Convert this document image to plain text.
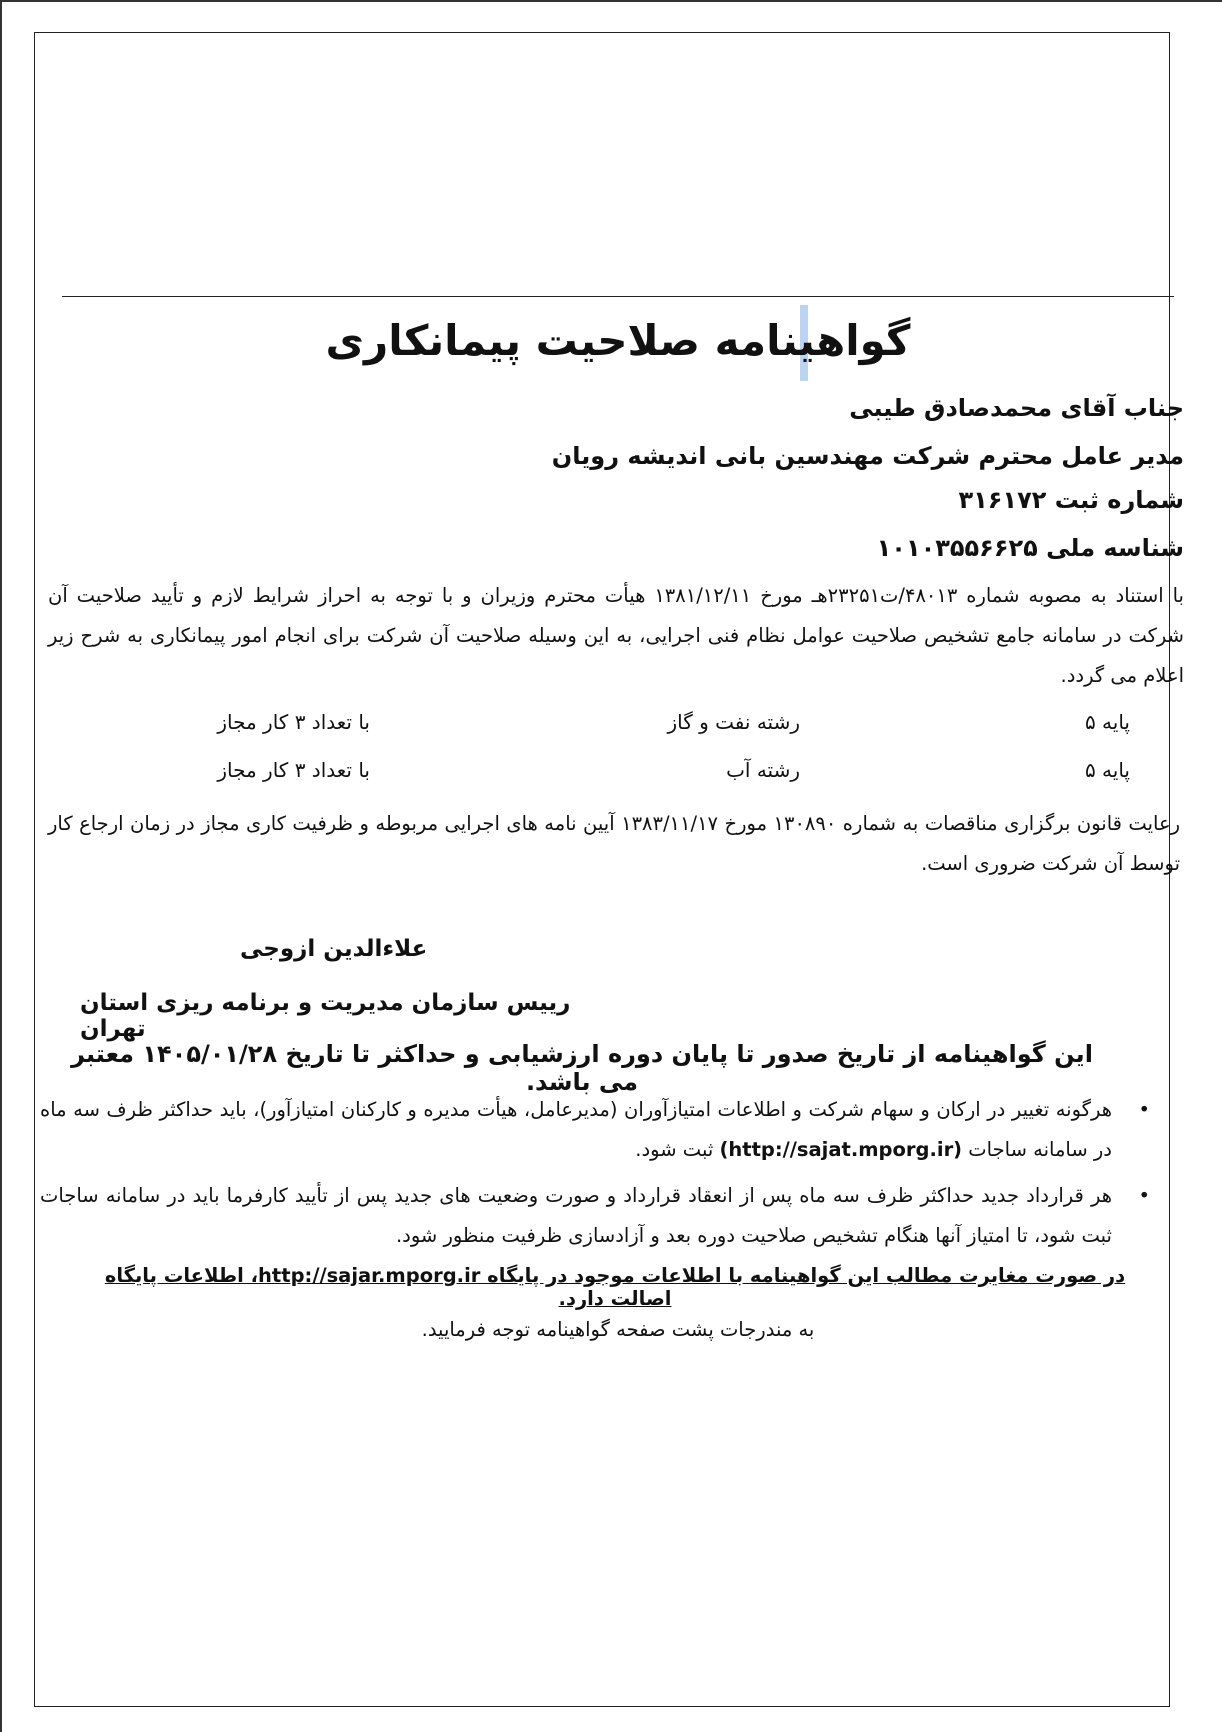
گواهینامه صلاحیت پیمانکاری
جناب آقای محمدصادق طیبی
مدیر عامل محترم شرکت مهندسین بانی اندیشه رویان
شماره ثبت ۳۱۶۱۷۲
شناسه ملی ۱۰۱۰۳۵۵۶۶۲۵
با استناد به مصوبه شماره ۴۸۰۱۳/ت۲۳۲۵۱هـ مورخ ۱۳۸۱/۱۲/۱۱ هیأت محترم وزیران و با توجه به احراز شرایط لازم و تأیید صلاحیت آن شرکت در سامانه جامع تشخیص صلاحیت عوامل نظام فنی اجرایی، به این وسیله صلاحیت آن شرکت برای انجام امور پیمانکاری به شرح زیر اعلام می گردد.
پایه ۵
رشته نفت و گاز
با تعداد ۳ کار مجاز
پایه ۵
رشته آب
با تعداد ۳ کار مجاز
رعایت قانون برگزاری مناقصات به شماره ۱۳۰۸۹۰ مورخ ۱۳۸۳/۱۱/۱۷ آیین نامه های اجرایی مربوطه و ظرفیت کاری مجاز در زمان ارجاع کار توسط آن شرکت ضروری است.
علاءالدین ازوجی
رییس سازمان مدیریت و برنامه ریزی استان تهران
این گواهینامه از تاریخ صدور تا پایان دوره ارزشیابی و حداکثر تا تاریخ ۱۴۰۵/۰۱/۲۸ معتبر می باشد.
•
هرگونه تغییر در ارکان و سهام شرکت و اطلاعات امتیازآوران (مدیرعامل، هیأت مدیره و کارکنان امتیازآور)، باید حداکثر ظرف سه ماه در سامانه ساجات (http://sajat.mporg.ir) ثبت شود.
•
هر قرارداد جدید حداکثر ظرف سه ماه پس از انعقاد قرارداد و صورت وضعیت های جدید پس از تأیید کارفرما باید در سامانه ساجات ثبت شود، تا امتیاز آنها هنگام تشخیص صلاحیت دوره بعد و آزادسازی ظرفیت منظور شود.
در صورت مغایرت مطالب این گواهینامه با اطلاعات موجود در پایگاه http://sajar.mporg.ir، اطلاعات پایگاه اصالت دارد.
به مندرجات پشت صفحه گواهینامه توجه فرمایید.
